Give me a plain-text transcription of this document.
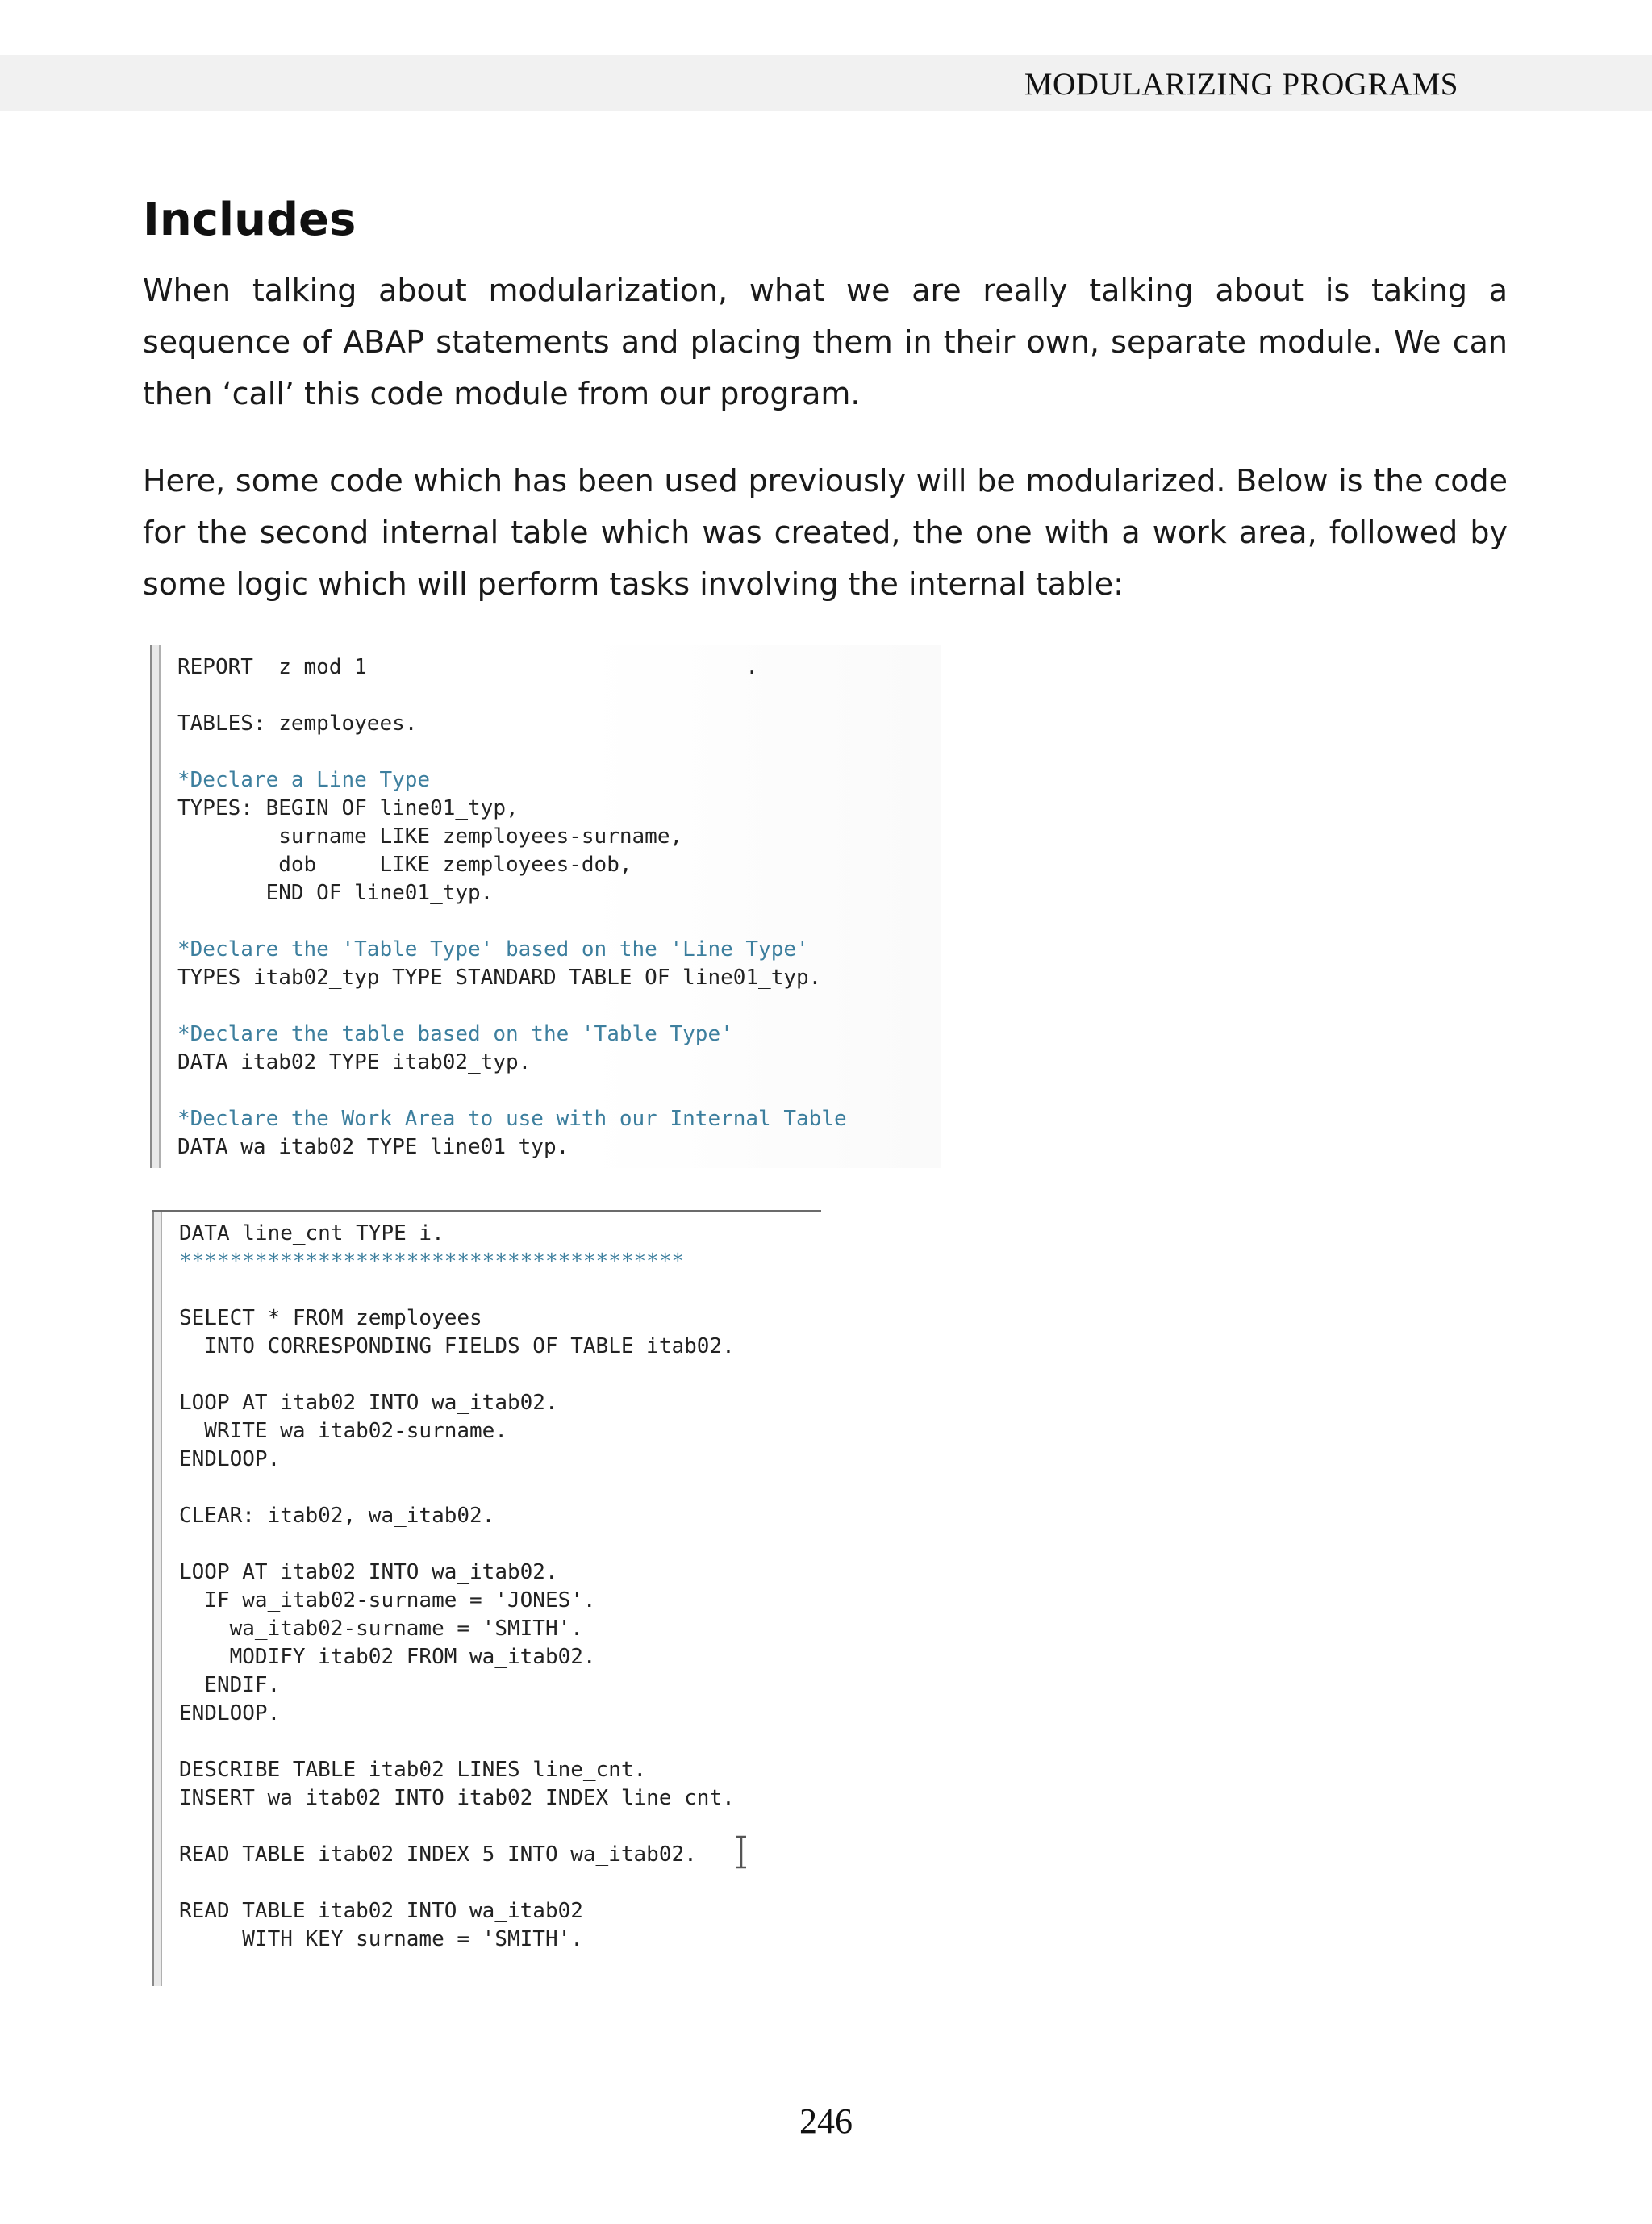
MODULARIZING PROGRAMS
Includes

When talking about modularization, what we are really talking about is taking a sequence of ABAP statements and placing them in their own, separate module. We can then ‘call’ this code module from our program.

Here, some code which has been used previously will be modularized. Below is the code for the second internal table which was created, the one with a work area, followed by some logic which will perform tasks involving the internal table:

REPORT  z_mod_1                              .
TABLES: zemployees.
*Declare a Line Type
TYPES: BEGIN OF line01_typ,
surname LIKE zemployees-surname,
dob     LIKE zemployees-dob,
END OF line01_typ.
*Declare the 'Table Type' based on the 'Line Type'
TYPES itab02_typ TYPE STANDARD TABLE OF line01_typ.
*Declare the table based on the 'Table Type'
DATA itab02 TYPE itab02_typ.
*Declare the Work Area to use with our Internal Table
DATA wa_itab02 TYPE line01_typ.
DATA line_cnt TYPE i.
****************************************
SELECT * FROM zemployees
INTO CORRESPONDING FIELDS OF TABLE itab02.
LOOP AT itab02 INTO wa_itab02.
WRITE wa_itab02-surname.
ENDLOOP.
CLEAR: itab02, wa_itab02.
LOOP AT itab02 INTO wa_itab02.
IF wa_itab02-surname = 'JONES'.
wa_itab02-surname = 'SMITH'.
MODIFY itab02 FROM wa_itab02.
ENDIF.
ENDLOOP.
DESCRIBE TABLE itab02 LINES line_cnt.
INSERT wa_itab02 INTO itab02 INDEX line_cnt.
READ TABLE itab02 INDEX 5 INTO wa_itab02.
READ TABLE itab02 INTO wa_itab02
WITH KEY surname = 'SMITH'.
246
